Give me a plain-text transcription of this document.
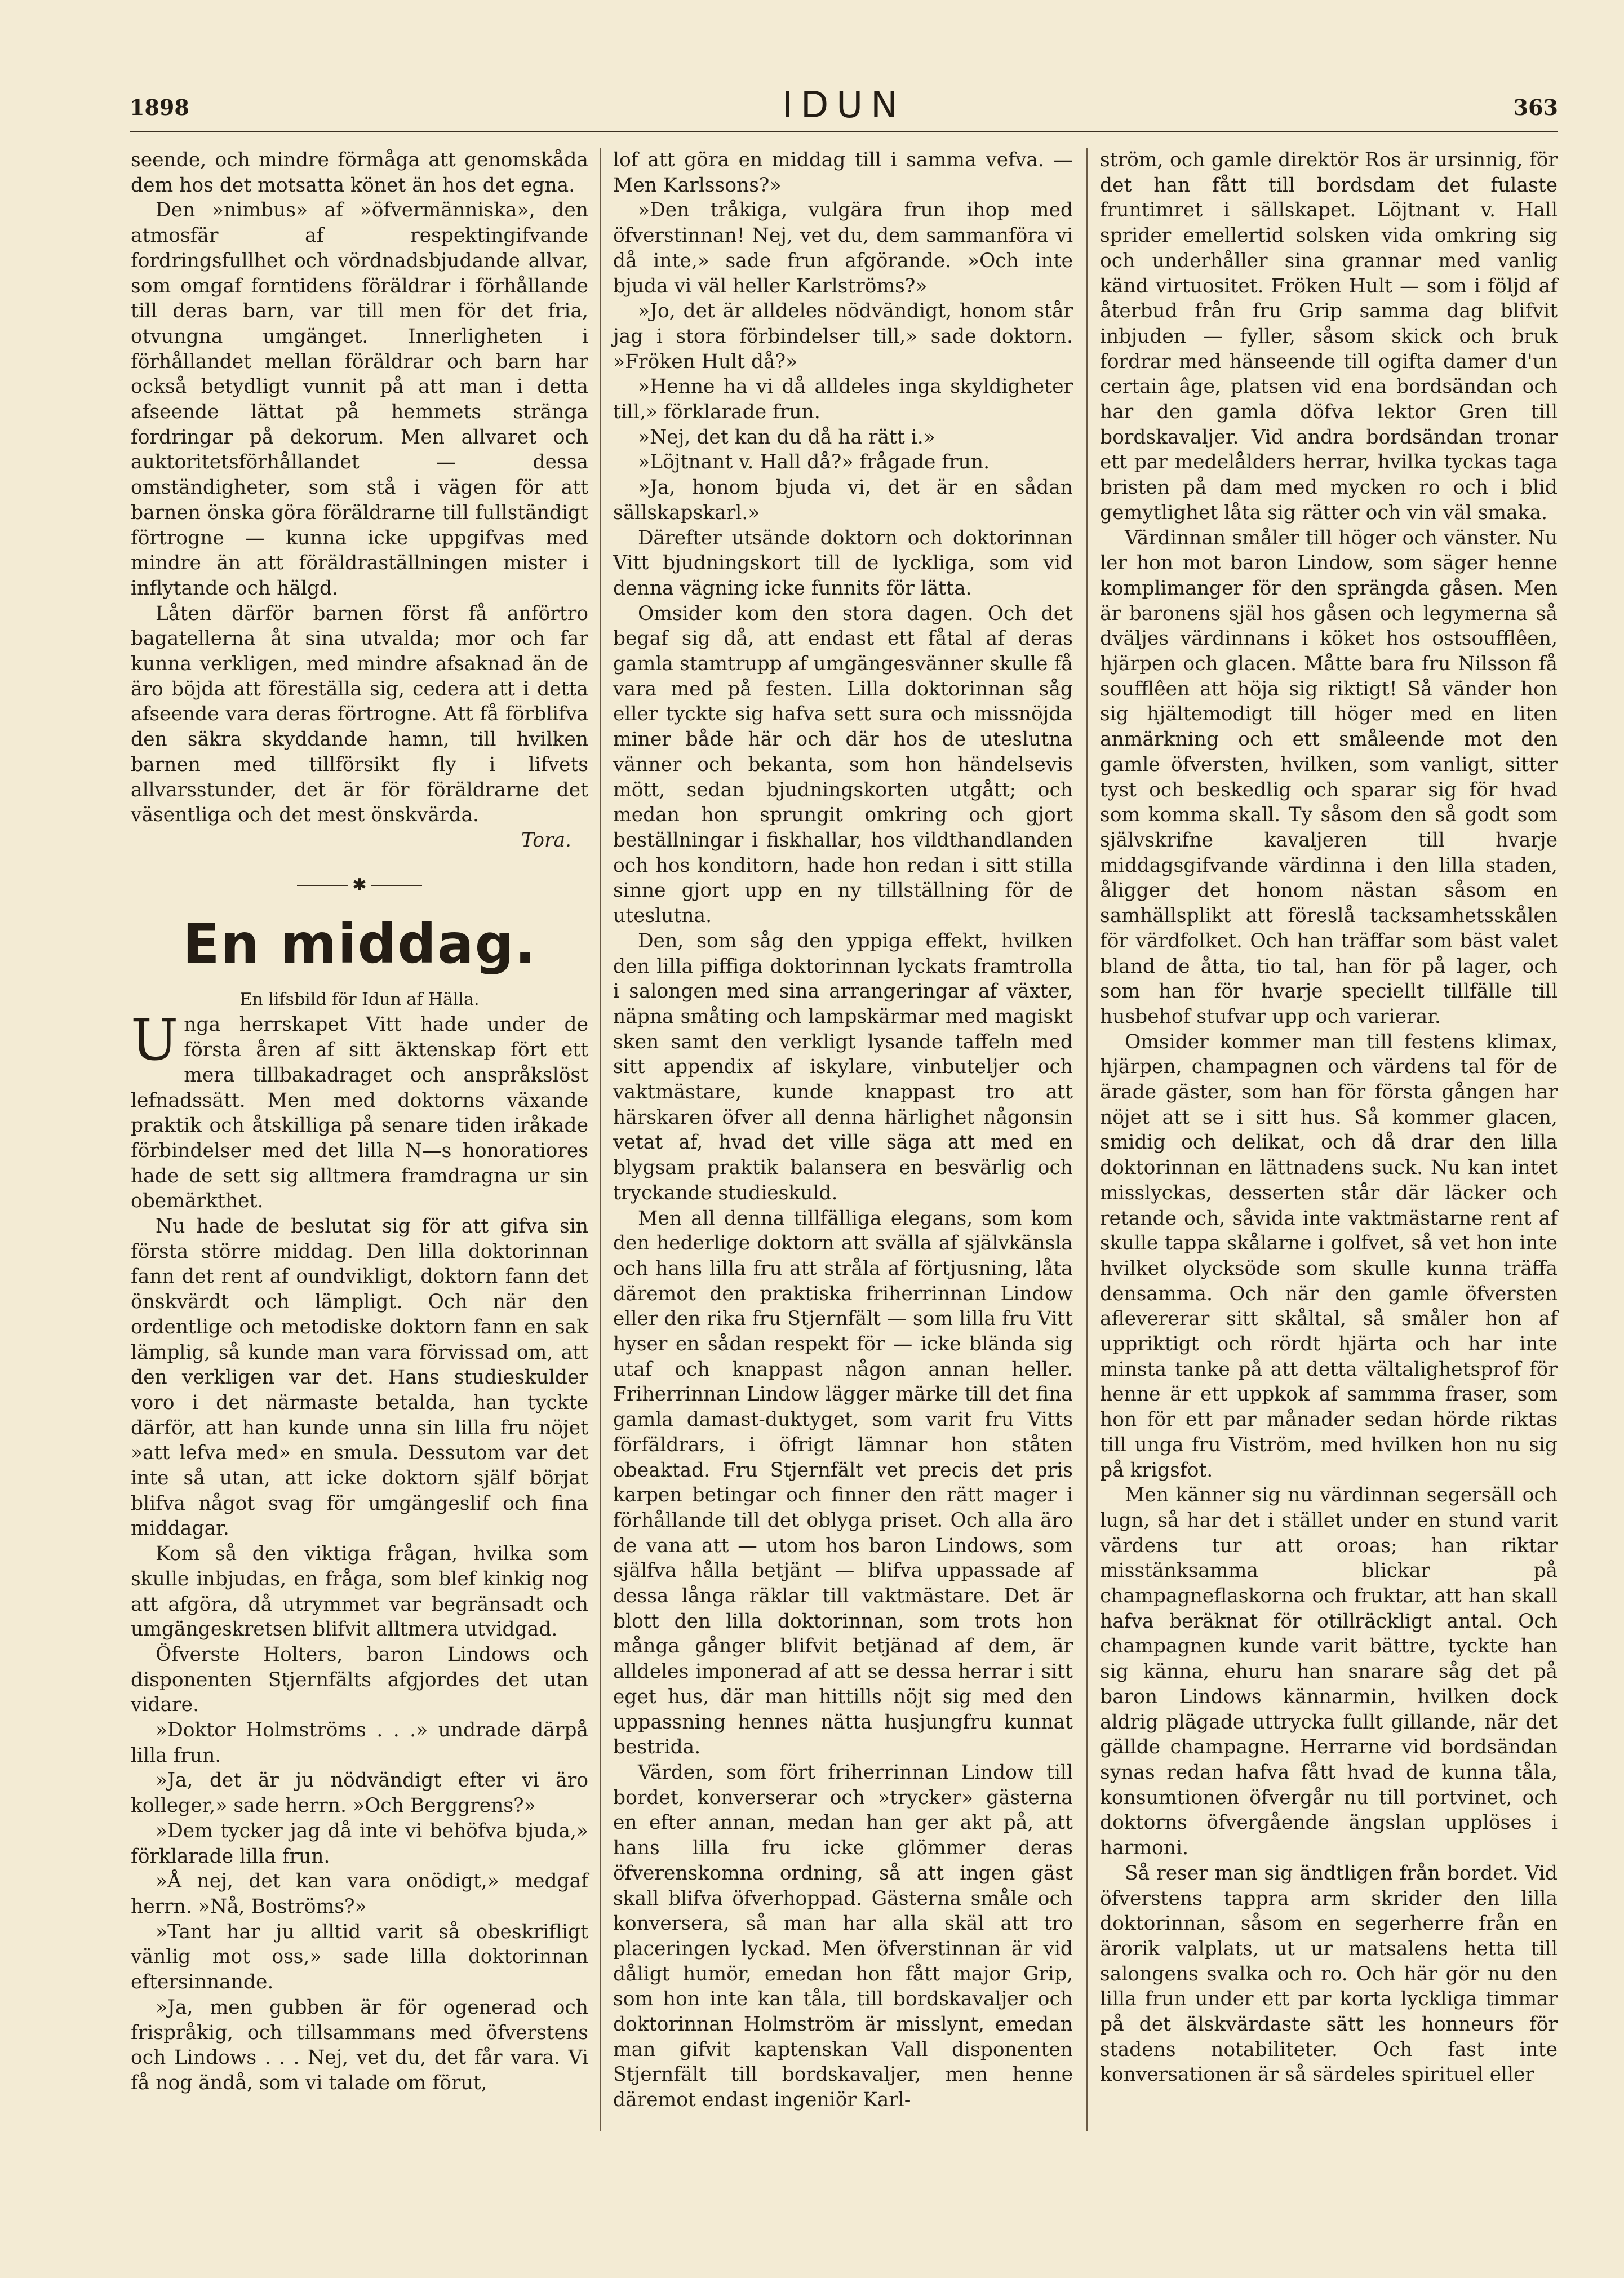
1898	IDUN	363

seende, och mindre förmåga att genomskåda dem hos det motsatta könet än hos det egna.

Den »nimbus» af »öfvermänniska», den atmosfär af respektingifvande fordringsfullhet och vördnadsbjudande allvar, som omgaf forntidens föräldrar i förhållande till deras barn, var till men för det fria, otvungna umgänget. Innerligheten i förhållandet mellan föräldrar och barn har också betydligt vunnit på att man i detta afseende lättat på hemmets stränga fordringar på dekorum. Men allvaret och auktoritetsförhållandet — dessa omständigheter, som stå i vägen för att barnen önska göra föräldrarne till fullständigt förtrogne — kunna icke uppgifvas med mindre än att föräldraställningen mister i inflytande och hälgd.

Låten därför barnen först få anförtro bagatellerna åt sina utvalda; mor och far kunna verkligen, med mindre afsaknad än de äro böjda att föreställa sig, cedera att i detta afseende vara deras förtrogne. Att få förblifva den säkra skyddande hamn, till hvilken barnen med tillförsikt fly i lifvets allvarsstunder, det är för föräldrarne det väsentliga och det mest önskvärda.

Tora.

✱
En middag.

En lifsbild för Idun af Hälla.

Unga herrskapet Vitt hade under de första åren af sitt äktenskap fört ett mera tillbakadraget och anspråkslöst lefnadssätt. Men med doktorns växande praktik och åtskilliga på senare tiden iråkade förbindelser med det lilla N—s honoratiores hade de sett sig alltmera framdragna ur sin obemärkthet.

Nu hade de beslutat sig för att gifva sin första större middag. Den lilla doktorinnan fann det rent af oundvikligt, doktorn fann det önskvärdt och lämpligt. Och när den ordentlige och metodiske doktorn fann en sak lämplig, så kunde man vara förvissad om, att den verkligen var det. Hans studieskulder voro i det närmaste betalda, han tyckte därför, att han kunde unna sin lilla fru nöjet »att lefva med» en smula. Dessutom var det inte så utan, att icke doktorn själf börjat blifva något svag för umgängeslif och fina middagar.

Kom så den viktiga frågan, hvilka som skulle inbjudas, en fråga, som blef kinkig nog att afgöra, då utrymmet var begränsadt och umgängeskretsen blifvit alltmera utvidgad.

Öfverste Holters, baron Lindows och disponenten Stjernfälts afgjordes det utan vidare.

»Doktor Holmströms . . .» undrade därpå lilla frun.

»Ja, det är ju nödvändigt efter vi äro kolleger,» sade herrn. »Och Berggrens?»

»Dem tycker jag då inte vi behöfva bjuda,» förklarade lilla frun.

»Å nej, det kan vara onödigt,» medgaf herrn. »Nå, Boströms?»

»Tant har ju alltid varit så obeskrifligt vänlig mot oss,» sade lilla doktorinnan eftersinnande.

»Ja, men gubben är för ogenerad och frispråkig, och tillsammans med öfverstens och Lindows . . . Nej, vet du, det får vara. Vi få nog ändå, som vi talade om förut,

lof att göra en middag till i samma vefva. — Men Karlssons?»

»Den tråkiga, vulgära frun ihop med öfverstinnan! Nej, vet du, dem sammanföra vi då inte,» sade frun afgörande. »Och inte bjuda vi väl heller Karlströms?»

»Jo, det är alldeles nödvändigt, honom står jag i stora förbindelser till,» sade doktorn. »Fröken Hult då?»

»Henne ha vi då alldeles inga skyldigheter till,» förklarade frun.

»Nej, det kan du då ha rätt i.»

»Löjtnant v. Hall då?» frågade frun.

»Ja, honom bjuda vi, det är en sådan sällskapskarl.»

Därefter utsände doktorn och doktorinnan Vitt bjudningskort till de lyckliga, som vid denna vägning icke funnits för lätta.

Omsider kom den stora dagen. Och det begaf sig då, att endast ett fåtal af deras gamla stamtrupp af umgängesvänner skulle få vara med på festen. Lilla doktorinnan såg eller tyckte sig hafva sett sura och missnöjda miner både här och där hos de uteslutna vänner och bekanta, som hon händelsevis mött, sedan bjudningskorten utgått; och medan hon sprungit omkring och gjort beställningar i fiskhallar, hos vildthandlanden och hos konditorn, hade hon redan i sitt stilla sinne gjort upp en ny tillställning för de uteslutna.

Den, som såg den yppiga effekt, hvilken den lilla piffiga doktorinnan lyckats framtrolla i salongen med sina arrangeringar af växter, näpna småting och lampskärmar med magiskt sken samt den verkligt lysande taffeln med sitt appendix af iskylare, vinbuteljer och vaktmästare, kunde knappast tro att härskaren öfver all denna härlighet någonsin vetat af, hvad det ville säga att med en blygsam praktik balansera en besvärlig och tryckande studieskuld.

Men all denna tillfälliga elegans, som kom den hederlige doktorn att svälla af självkänsla och hans lilla fru att stråla af förtjusning, låta däremot den praktiska friherrinnan Lindow eller den rika fru Stjernfält — som lilla fru Vitt hyser en sådan respekt för — icke blända sig utaf och knappast någon annan heller. Friherrinnan Lindow lägger märke till det fina gamla damast-duktyget, som varit fru Vitts förfäldrars, i öfrigt lämnar hon ståten obeaktad. Fru Stjernfält vet precis det pris karpen betingar och finner den rätt mager i förhållande till det oblyga priset. Och alla äro de vana att — utom hos baron Lindows, som själfva hålla betjänt — blifva uppassade af dessa långa räklar till vaktmästare. Det är blott den lilla doktorinnan, som trots hon många gånger blifvit betjänad af dem, är alldeles imponerad af att se dessa herrar i sitt eget hus, där man hittills nöjt sig med den uppassning hennes nätta husjungfru kunnat bestrida.

Värden, som fört friherrinnan Lindow till bordet, konverserar och »trycker» gästerna en efter annan, medan han ger akt på, att hans lilla fru icke glömmer deras öfverenskomna ordning, så att ingen gäst skall blifva öfverhoppad. Gästerna småle och konversera, så man har alla skäl att tro placeringen lyckad. Men öfverstinnan är vid dåligt humör, emedan hon fått major Grip, som hon inte kan tåla, till bordskavaljer och doktorinnan Holmström är misslynt, emedan man gifvit kaptenskan Vall disponenten Stjernfält till bordskavaljer, men henne däremot endast ingeniör Karl-

ström, och gamle direktör Ros är ursinnig, för det han fått till bordsdam det fulaste fruntimret i sällskapet. Löjtnant v. Hall sprider emellertid solsken vida omkring sig och underhåller sina grannar med vanlig känd virtuositet. Fröken Hult — som i följd af återbud från fru Grip samma dag blifvit inbjuden — fyller, såsom skick och bruk fordrar med hänseende till ogifta damer d'un certain âge, platsen vid ena bordsändan och har den gamla döfva lektor Gren till bordskavaljer. Vid andra bordsändan tronar ett par medelålders herrar, hvilka tyckas taga bristen på dam med mycken ro och i blid gemytlighet låta sig rätter och vin väl smaka.

Värdinnan småler till höger och vänster. Nu ler hon mot baron Lindow, som säger henne komplimanger för den sprängda gåsen. Men är baronens själ hos gåsen och legymerna så dväljes värdinnans i köket hos ostsoufflêen, hjärpen och glacen. Måtte bara fru Nilsson få soufflêen att höja sig riktigt! Så vänder hon sig hjältemodigt till höger med en liten anmärkning och ett småleende mot den gamle öfversten, hvilken, som vanligt, sitter tyst och beskedlig och sparar sig för hvad som komma skall. Ty såsom den så godt som självskrifne kavaljeren till hvarje middagsgifvande värdinna i den lilla staden, åligger det honom nästan såsom en samhällsplikt att föreslå tacksamhetsskålen för värdfolket. Och han träffar som bäst valet bland de åtta, tio tal, han för på lager, och som han för hvarje speciellt tillfälle till husbehof stufvar upp och varierar.

Omsider kommer man till festens klimax, hjärpen, champagnen och värdens tal för de ärade gäster, som han för första gången har nöjet att se i sitt hus. Så kommer glacen, smidig och delikat, och då drar den lilla doktorinnan en lättnadens suck. Nu kan intet misslyckas, desserten står där läcker och retande och, såvida inte vaktmästarne rent af skulle tappa skålarne i golfvet, så vet hon inte hvilket olycksöde som skulle kunna träffa densamma. Och när den gamle öfversten aflevererar sitt skåltal, så småler hon af uppriktigt och rördt hjärta och har inte minsta tanke på att detta vältalighetsprof för henne är ett uppkok af sammma fraser, som hon för ett par månader sedan hörde riktas till unga fru Viström, med hvilken hon nu sig på krigsfot.

Men känner sig nu värdinnan segersäll och lugn, så har det i stället under en stund varit värdens tur att oroas; han riktar misstänksamma blickar på champagneflaskorna och fruktar, att han skall hafva beräknat för otillräckligt antal. Och champagnen kunde varit bättre, tyckte han sig känna, ehuru han snarare såg det på baron Lindows kännarmin, hvilken dock aldrig plägade uttrycka fullt gillande, när det gällde champagne. Herrarne vid bordsändan synas redan hafva fått hvad de kunna tåla, konsumtionen öfvergår nu till portvinet, och doktorns öfvergående ängslan upplöses i harmoni.

Så reser man sig ändtligen från bordet. Vid öfverstens tappra arm skrider den lilla doktorinnan, såsom en segerherre från en ärorik valplats, ut ur matsalens hetta till salongens svalka och ro. Och här gör nu den lilla frun under ett par korta lyckliga timmar på det älskvärdaste sätt les honneurs för stadens notabiliteter. Och fast inte konversationen är så särdeles spirituel eller
